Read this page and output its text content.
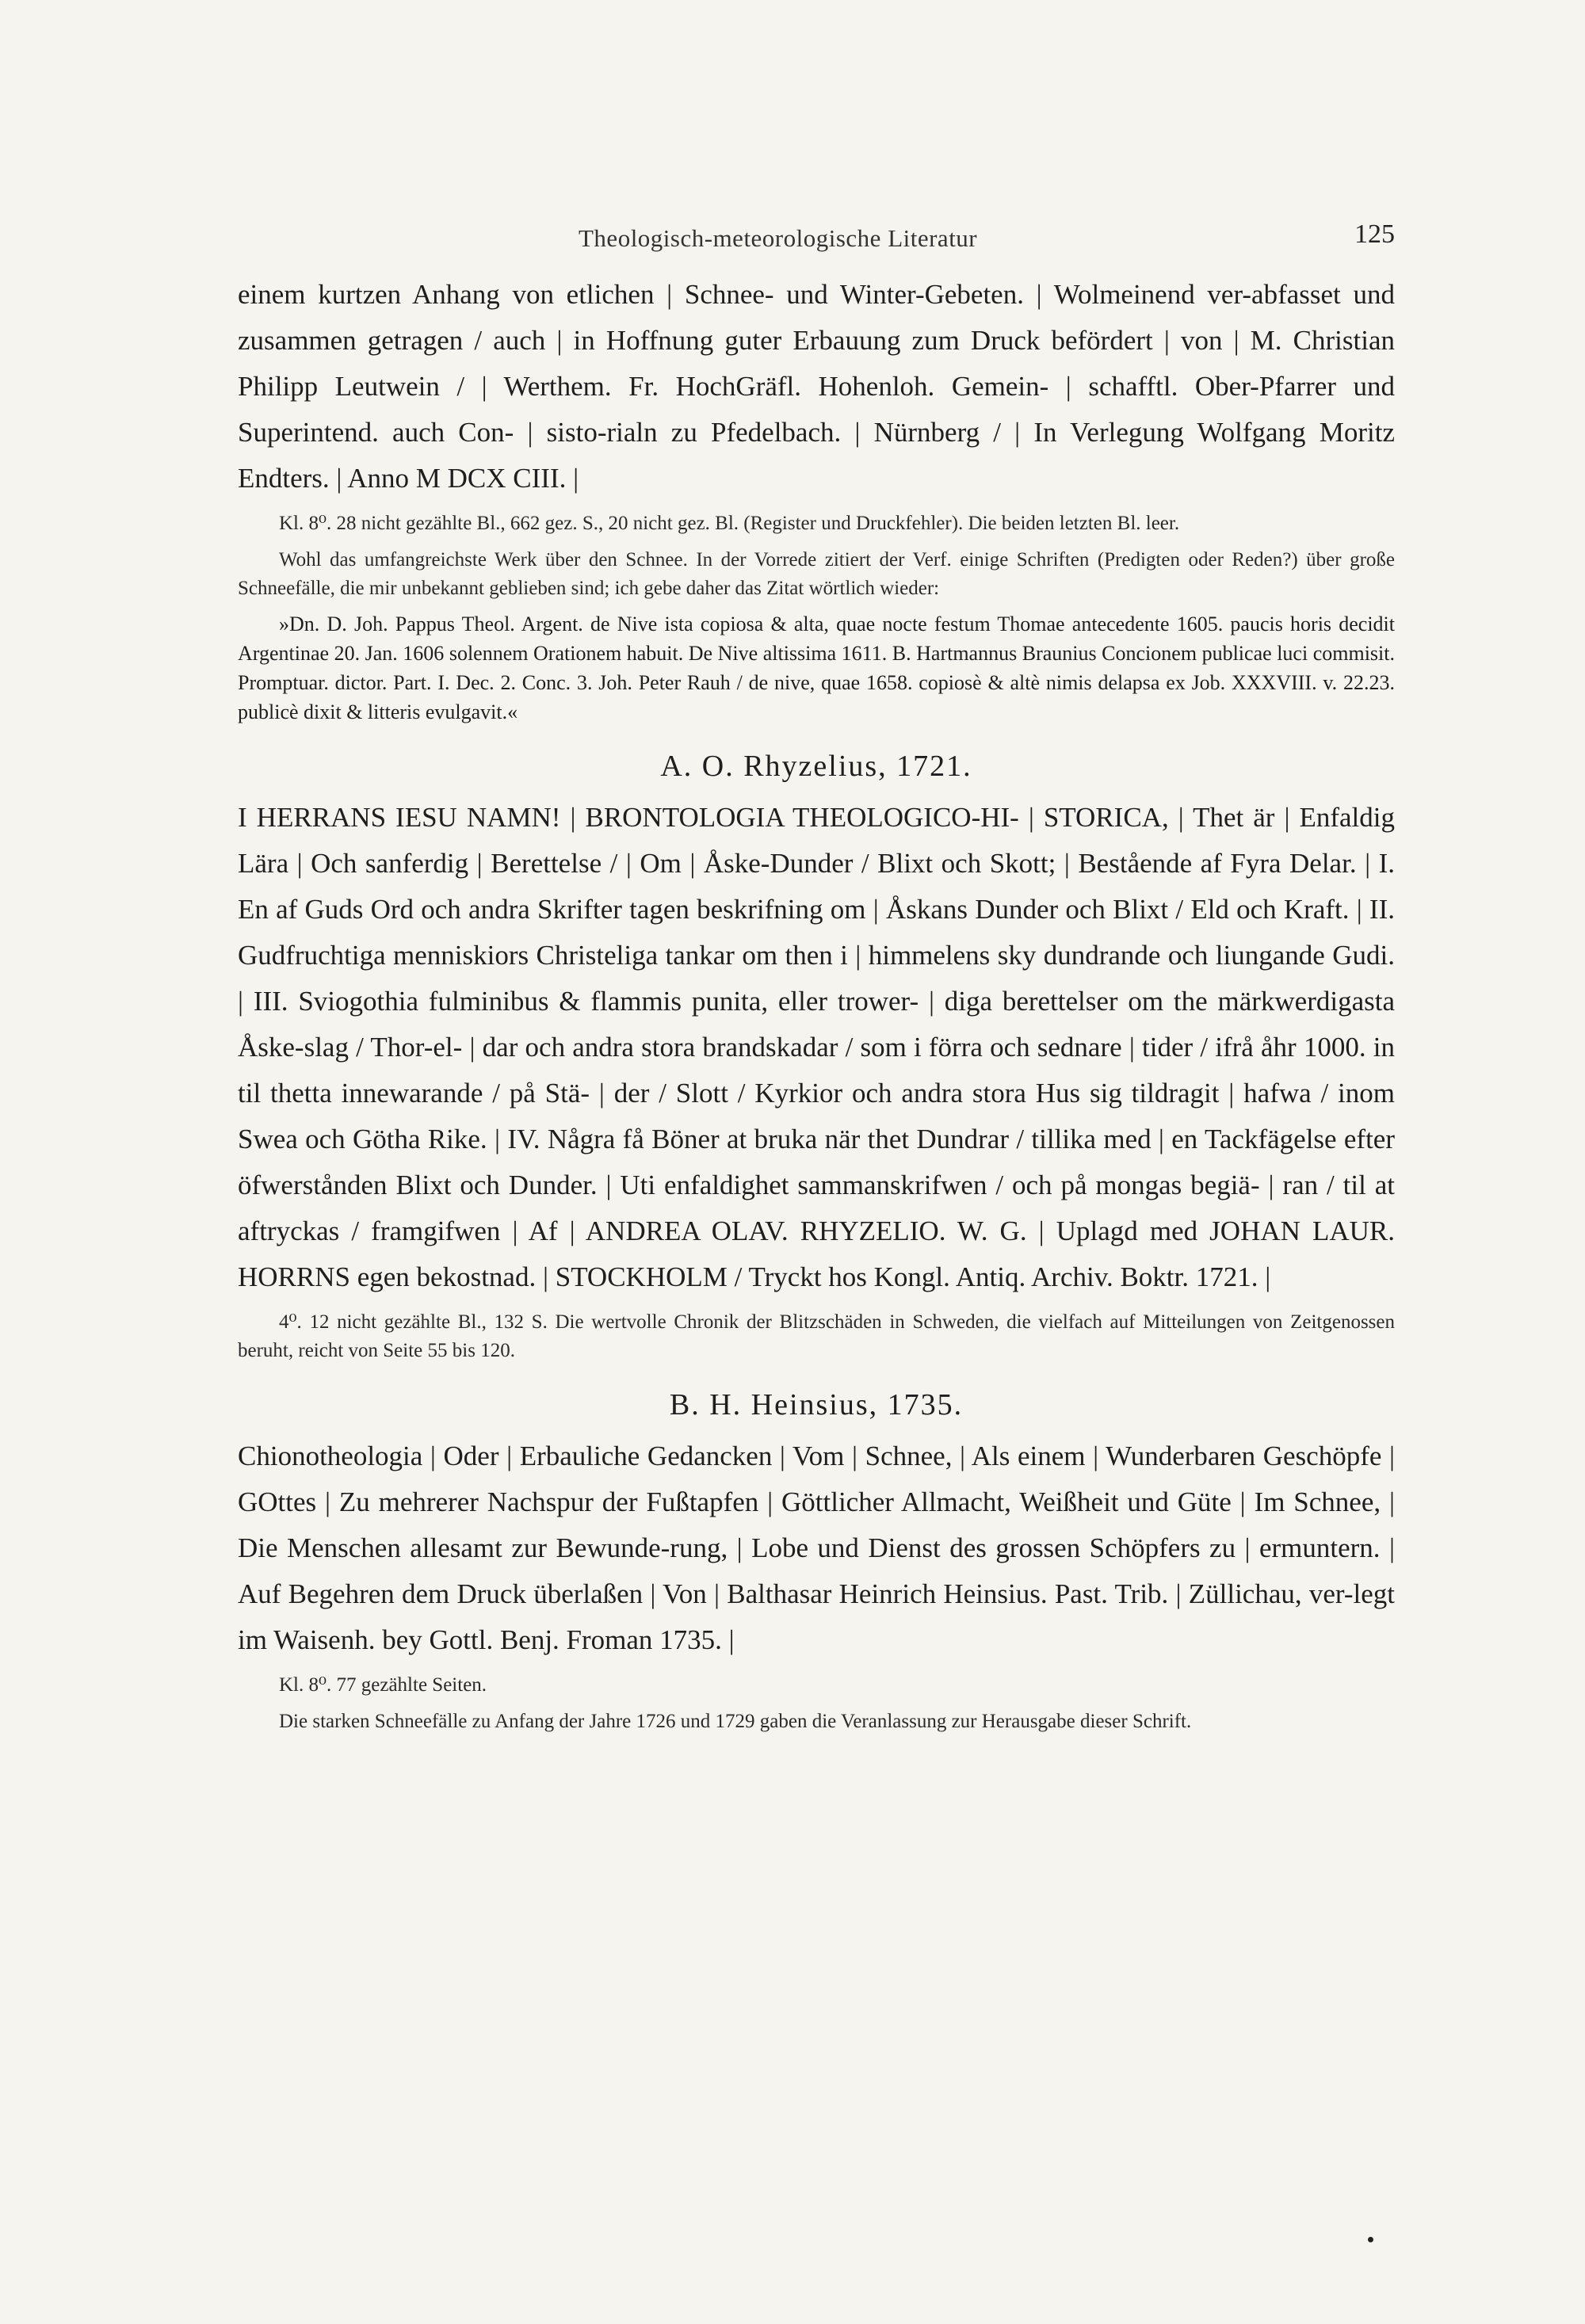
Theologisch-meteorologische Literatur	125
einem kurtzen Anhang von etlichen | Schnee- und Winter-Gebeten. | Wolmeinend ver-abfasset und zusammen getragen / auch | in Hoffnung guter Erbauung zum Druck befördert | von | M. Christian Philipp Leutwein / | Werthem. Fr. HochGräfl. Hohenloh. Gemein- | schafftl. Ober-Pfarrer und Superintend. auch Con- | sisto-rialn zu Pfedelbach. | Nürnberg / | In Verlegung Wolfgang Moritz Endters. | Anno M DCX CIII. |

Kl. 8⁰. 28 nicht gezählte Bl., 662 gez. S., 20 nicht gez. Bl. (Register und Druckfehler). Die beiden letzten Bl. leer.

Wohl das umfangreichste Werk über den Schnee. In der Vorrede zitiert der Verf. einige Schriften (Predigten oder Reden?) über große Schneefälle, die mir unbekannt geblieben sind; ich gebe daher das Zitat wörtlich wieder:

»Dn. D. Joh. Pappus Theol. Argent. de Nive ista copiosa & alta, quae nocte festum Thomae antecedente 1605. paucis horis decidit Argentinae 20. Jan. 1606 solennem Orationem habuit. De Nive altissima 1611. B. Hartmannus Braunius Concionem publicae luci commisit. Promptuar. dictor. Part. I. Dec. 2. Conc. 3. Joh. Peter Rauh / de nive, quae 1658. copiosè & altè nimis delapsa ex Job. XXXVIII. v. 22.23. publicè dixit & litteris evulgavit.«

A. O. Rhyzelius, 1721.
I HERRANS IESU NAMN! | BRONTOLOGIA THEOLOGICO-HI- | STORICA, | Thet är | Enfaldig Lära | Och sanferdig | Berettelse / | Om | Åske-Dunder / Blixt och Skott; | Bestående af Fyra Delar. | I. En af Guds Ord och andra Skrifter tagen beskrifning om | Åskans Dunder och Blixt / Eld och Kraft. | II. Gudfruchtiga menniskiors Christeliga tankar om then i | himmelens sky dundrande och liungande Gudi. | III. Sviogothia fulminibus & flammis punita, eller trower- | diga berettelser om the märkwerdigasta Åske-slag / Thor-el- | dar och andra stora brandskadar / som i förra och sednare | tider / ifrå åhr 1000. in til thetta innewarande / på Stä- | der / Slott / Kyrkior och andra stora Hus sig tildragit | hafwa / inom Swea och Götha Rike. | IV. Några få Böner at bruka när thet Dundrar / tillika med | en Tackfägelse efter öfwerstånden Blixt och Dunder. | Uti enfaldighet sammanskrifwen / och på mongas begiä- | ran / til at aftryckas / framgifwen | Af | ANDREA OLAV. RHYZELIO. W. G. | Uplagd med JOHAN LAUR. HORRNS egen bekostnad. | STOCKHOLM / Tryckt hos Kongl. Antiq. Archiv. Boktr. 1721. |

4⁰. 12 nicht gezählte Bl., 132 S. Die wertvolle Chronik der Blitzschäden in Schweden, die vielfach auf Mitteilungen von Zeitgenossen beruht, reicht von Seite 55 bis 120.

B. H. Heinsius, 1735.
Chionotheologia | Oder | Erbauliche Gedancken | Vom | Schnee, | Als einem | Wunderbaren Geschöpfe | GOttes | Zu mehrerer Nachspur der Fußtapfen | Göttlicher Allmacht, Weißheit und Güte | Im Schnee, | Die Menschen allesamt zur Bewunde-rung, | Lobe und Dienst des grossen Schöpfers zu | ermuntern. | Auf Begehren dem Druck überlaßen | Von | Balthasar Heinrich Heinsius. Past. Trib. | Züllichau, ver-legt im Waisenh. bey Gottl. Benj. Froman 1735. |

Kl. 8⁰. 77 gezählte Seiten.

Die starken Schneefälle zu Anfang der Jahre 1726 und 1729 gaben die Veranlassung zur Herausgabe dieser Schrift.
